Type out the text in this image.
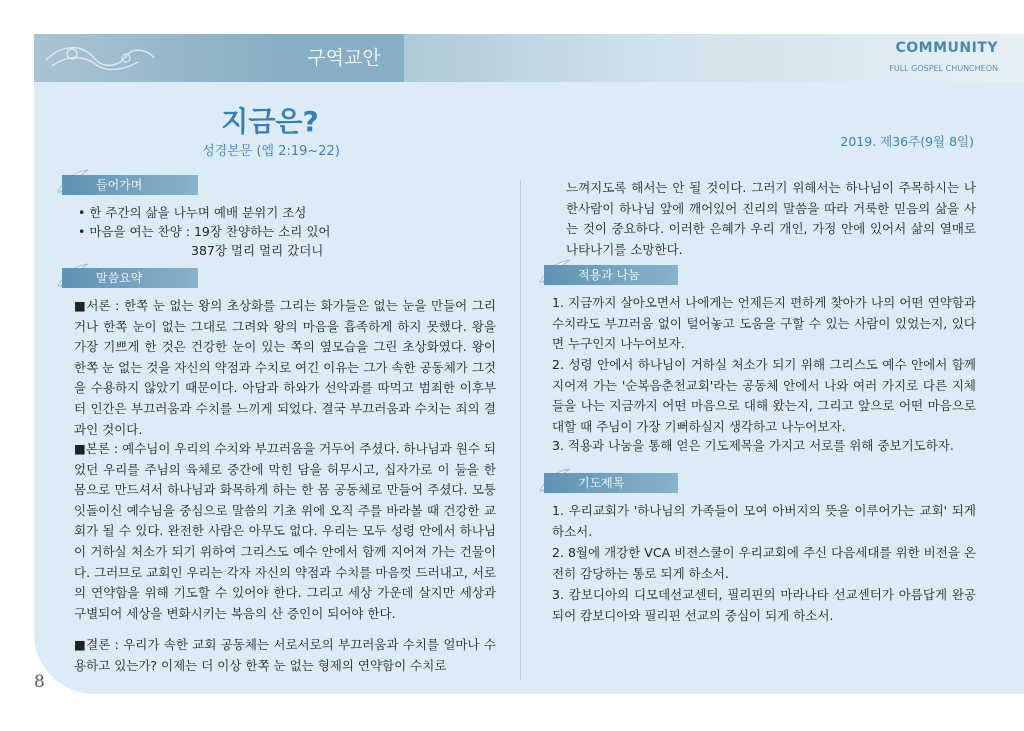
구역교안	COMMUNITY
FULL GOSPEL CHUNCHEON
지금은?
성경본문 (엡 2:19~22)
2019. 제36주(9월 8일)
들어가며
• 한 주간의 삶을 나누며 예배 분위기 조성
• 마음을 여는 찬양 : 19장 찬양하는 소리 있어
387장 멀리 멀리 갔더니
말씀요약
■서론 : 한쪽 눈 없는 왕의 초상화를 그리는 화가들은 없는 눈을 만들어 그리거나 한쪽 눈이 없는 그대로 그려와 왕의 마음을 흡족하게 하지 못했다. 왕을 가장 기쁘게 한 것은 건강한 눈이 있는 쪽의 옆모습을 그린 초상화였다. 왕이 한쪽 눈 없는 것을 자신의 약점과 수치로 여긴 이유는 그가 속한 공동체가 그것을 수용하지 않았기 때문이다. 아담과 하와가 선악과를 따먹고 범죄한 이후부터 인간은 부끄러움과 수치를 느끼게 되었다. 결국 부끄러움과 수치는 죄의 결과인 것이다.
■본론 : 예수님이 우리의 수치와 부끄러움을 거두어 주셨다. 하나님과 원수 되었던 우리를 주님의 육체로 중간에 막힌 담을 허무시고, 십자가로 이 둘을 한 몸으로 만드셔서 하나님과 화목하게 하는 한 몸 공동체로 만들어 주셨다. 모퉁잇돌이신 예수님을 중심으로 말씀의 기초 위에 오직 주를 바라볼 때 건강한 교회가 될 수 있다. 완전한 사람은 아무도 없다. 우리는 모두 성령 안에서 하나님이 거하실 처소가 되기 위하여 그리스도 예수 안에서 함께 지어져 가는 건물이다. 그러므로 교회인 우리는 각자 자신의 약점과 수치를 마음껏 드러내고, 서로의 연약함을 위해 기도할 수 있어야 한다. 그리고 세상 가운데 살지만 세상과 구별되어 세상을 변화시키는 복음의 산 증인이 되어야 한다.
■결론 : 우리가 속한 교회 공동체는 서로서로의 부끄러움과 수치를 얼마나 수용하고 있는가? 이제는 더 이상 한쪽 눈 없는 형제의 연약함이 수치로
느껴지도록 해서는 안 될 것이다. 그러기 위해서는 하나님이 주목하시는 나 한사람이 하나님 앞에 깨어있어 진리의 말씀을 따라 거룩한 믿음의 삶을 사는 것이 중요하다. 이러한 은혜가 우리 개인, 가정 안에 있어서 삶의 열매로 나타나기를 소망한다.
적용과 나눔
1. 지금까지 살아오면서 나에게는 언제든지 편하게 찾아가 나의 어떤 연약함과 수치라도 부끄러움 없이 털어놓고 도움을 구할 수 있는 사람이 있었는지, 있다면 누구인지 나누어보자.
2. 성령 안에서 하나님이 거하실 처소가 되기 위해 그리스도 예수 안에서 함께 지어져 가는 '순복음춘천교회'라는 공동체 안에서 나와 여러 가지로 다른 지체들을 나는 지금까지 어떤 마음으로 대해 왔는지, 그리고 앞으로 어떤 마음으로 대할 때 주님이 가장 기뻐하실지 생각하고 나누어보자.
3. 적용과 나눔을 통해 얻은 기도제목을 가지고 서로를 위해 중보기도하자.
기도제목
1. 우리교회가 '하나님의 가족들이 모여 아버지의 뜻을 이루어가는 교회' 되게 하소서.
2. 8월에 개강한 VCA 비젼스쿨이 우리교회에 주신 다음세대를 위한 비전을 온전히 감당하는 통로 되게 하소서.
3. 캄보디아의 디모데선교센터, 필리핀의 마라나타 선교센터가 아름답게 완공되어 캄보디아와 필리핀 선교의 중심이 되게 하소서.
8
